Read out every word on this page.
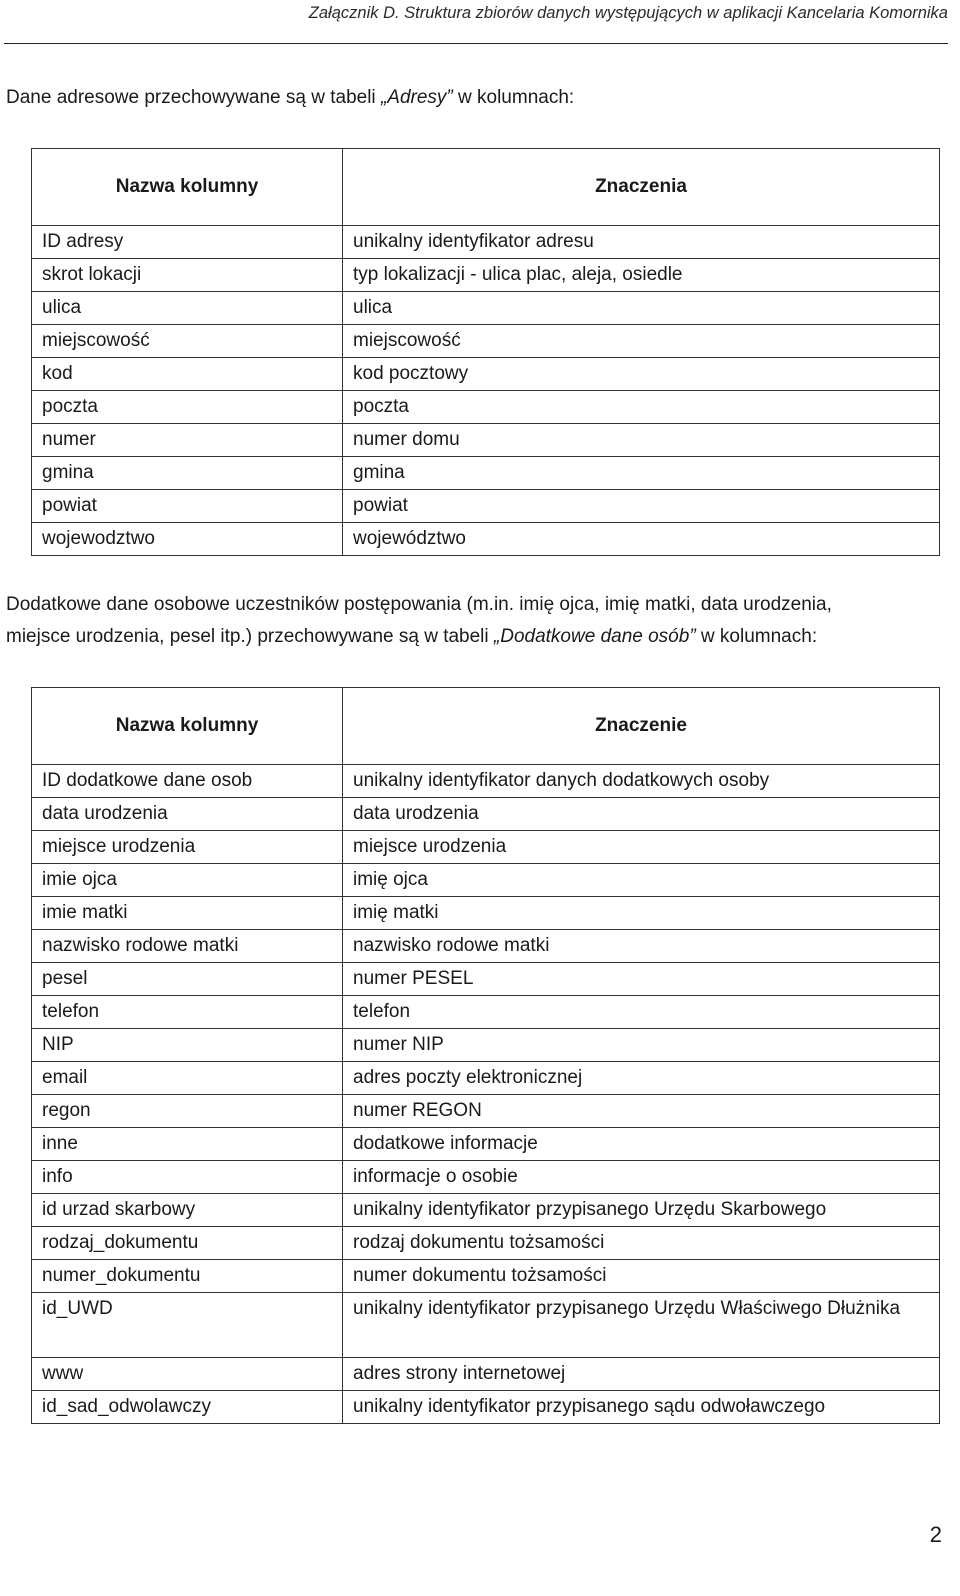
Załącznik D. Struktura zbiorów danych występujących w aplikacji Kancelaria Komornika
Dane adresowe przechowywane są w tabeli „Adresy” w kolumnach:
Nazwa kolumny	Znaczenia
ID adresy	unikalny identyfikator adresu
skrot lokacji	typ lokalizacji - ulica plac, aleja, osiedle
ulica	ulica
miejscowość	miejscowość
kod	kod pocztowy
poczta	poczta
numer	numer domu
gmina	gmina
powiat	powiat
wojewodztwo	województwo
Dodatkowe dane osobowe uczestników postępowania (m.in. imię ojca, imię matki, data urodzenia,
miejsce urodzenia, pesel itp.) przechowywane są w tabeli „Dodatkowe dane osób” w kolumnach:
Nazwa kolumny	Znaczenie
ID dodatkowe dane osob	unikalny identyfikator danych dodatkowych osoby
data urodzenia	data urodzenia
miejsce urodzenia	miejsce urodzenia
imie ojca	imię ojca
imie matki	imię matki
nazwisko rodowe matki	nazwisko rodowe matki
pesel	numer PESEL
telefon	telefon
NIP	numer NIP
email	adres poczty elektronicznej
regon	numer REGON
inne	dodatkowe informacje
info	informacje o osobie
id urzad skarbowy	unikalny identyfikator przypisanego Urzędu Skarbowego
rodzaj_dokumentu	rodzaj dokumentu tożsamości
numer_dokumentu	numer dokumentu tożsamości
id_UWD	unikalny identyfikator przypisanego Urzędu Właściwego Dłużnika
www	adres strony internetowej
id_sad_odwolawczy	unikalny identyfikator przypisanego sądu odwoławczego
2
